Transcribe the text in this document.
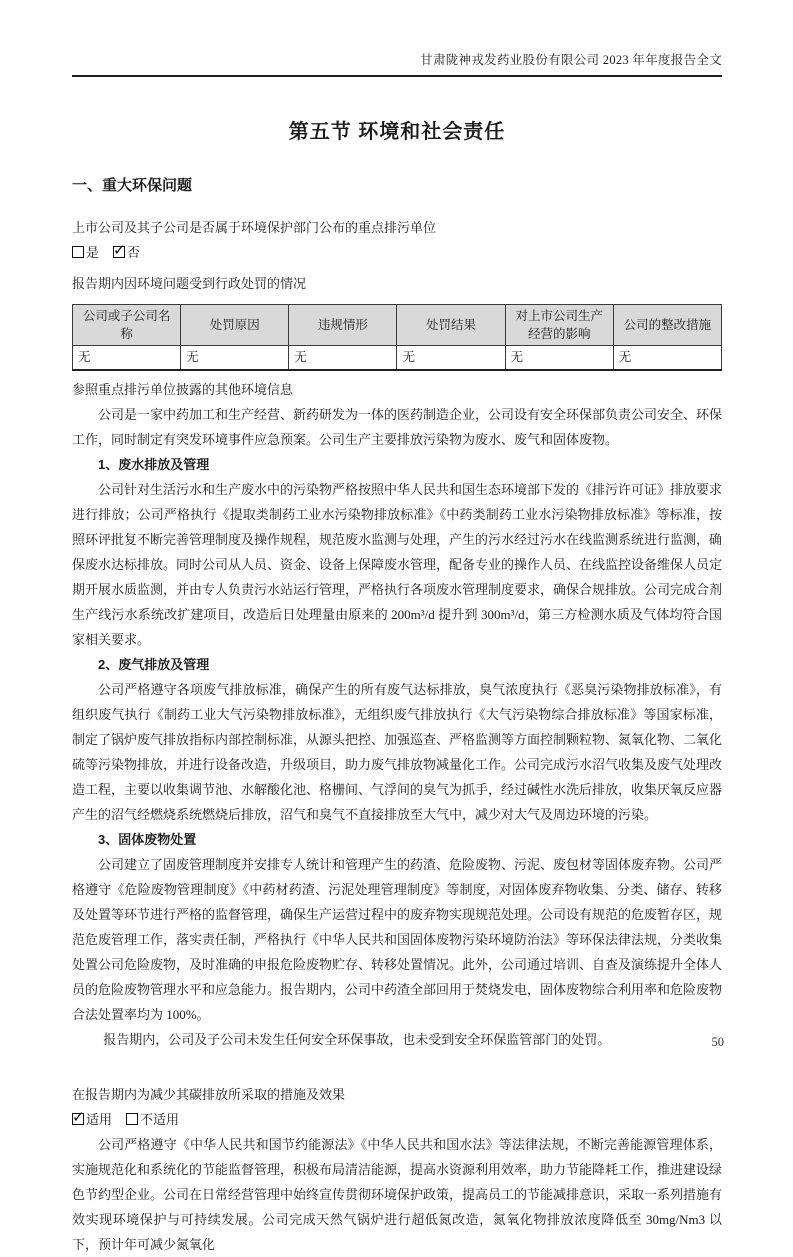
甘肃陇神戎发药业股份有限公司 2023 年年度报告全文
第五节 环境和社会责任
一、重大环保问题

上市公司及其子公司是否属于环境保护部门公布的重点排污单位

是 ✓ 否

报告期内因环境问题受到行政处罚的情况

公司或子公司名称	处罚原因	违规情形	处罚结果	对上市公司生产经营的影响	公司的整改措施
无	无	无	无	无	无

参照重点排污单位披露的其他环境信息

公司是一家中药加工和生产经营、新药研发为一体的医药制造企业，公司设有安全环保部负责公司安全、环保工作，同时制定有突发环境事件应急预案。公司生产主要排放污染物为废水、废气和固体废物。

1、废水排放及管理

公司针对生活污水和生产废水中的污染物严格按照中华人民共和国生态环境部下发的《排污许可证》排放要求进行排放；公司严格执行《提取类制药工业水污染物排放标准》《中药类制药工业水污染物排放标准》等标准，按照环评批复不断完善管理制度及操作规程，规范废水监测与处理，产生的污水经过污水在线监测系统进行监测，确保废水达标排放。同时公司从人员、资金、设备上保障废水管理，配备专业的操作人员、在线监控设备维保人员定期开展水质监测，并由专人负责污水站运行管理，严格执行各项废水管理制度要求，确保合规排放。公司完成合剂生产线污水系统改扩建项目，改造后日处理量由原来的 200m³/d 提升到 300m³/d，第三方检测水质及气体均符合国家相关要求。

2、废气排放及管理

公司严格遵守各项废气排放标准，确保产生的所有废气达标排放，臭气浓度执行《恶臭污染物排放标准》，有组织废气执行《制药工业大气污染物排放标准》，无组织废气排放执行《大气污染物综合排放标准》等国家标准，制定了锅炉废气排放指标内部控制标准，从源头把控、加强巡查、严格监测等方面控制颗粒物、氮氧化物、二氧化硫等污染物排放，并进行设备改造，升级项目，助力废气排放物减量化工作。公司完成污水沼气收集及废气处理改造工程，主要以收集调节池、水解酸化池、格栅间、气浮间的臭气为抓手，经过碱性水洗后排放，收集厌氧反应器产生的沼气经燃烧系统燃烧后排放，沼气和臭气不直接排放至大气中，减少对大气及周边环境的污染。

3、固体废物处置

公司建立了固废管理制度并安排专人统计和管理产生的药渣、危险废物、污泥、废包材等固体废弃物。公司严格遵守《危险废物管理制度》《中药材药渣、污泥处理管理制度》等制度，对固体废弃物收集、分类、储存、转移及处置等环节进行严格的监督管理，确保生产运营过程中的废弃物实现规范处理。公司设有规范的危废暂存区，规范危废管理工作，落实责任制，严格执行《中华人民共和国固体废物污染环境防治法》等环保法律法规，分类收集处置公司危险废物，及时准确的申报危险废物贮存、转移处置情况。此外，公司通过培训、自查及演练提升全体人员的危险废物管理水平和应急能力。报告期内，公司中药渣全部回用于焚烧发电，固体废物综合利用率和危险废物合法处置率均为 100%。

报告期内，公司及子公司未发生任何安全环保事故，也未受到安全环保监管部门的处罚。

在报告期内为减少其碳排放所采取的措施及效果

✓适用 不适用

公司严格遵守《中华人民共和国节约能源法》《中华人民共和国水法》等法律法规，不断完善能源管理体系，实施规范化和系统化的节能监督管理，积极布局清洁能源，提高水资源利用效率，助力节能降耗工作，推进建设绿色节约型企业。公司在日常经营管理中始终宣传贯彻环境保护政策，提高员工的节能减排意识，采取一系列措施有效实现环境保护与可持续发展。公司完成天然气锅炉进行超低氮改造，氮氧化物排放浓度降低至 30mg/Nm3 以下，预计年可减少氮氧化

50
